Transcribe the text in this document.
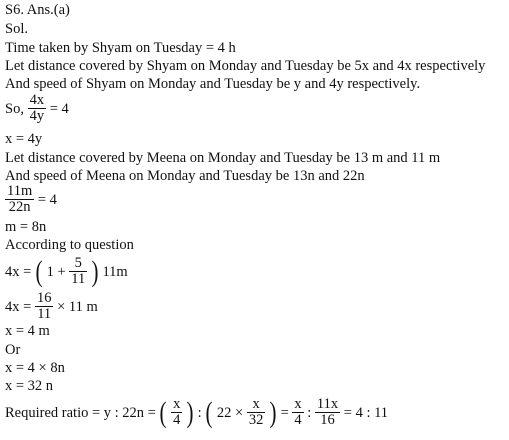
S6. Ans.(a)
Sol.
Time taken by Shyam on Tuesday = 4 h
Let distance covered by Shyam on Monday and Tuesday be 5x and 4x respectively
And speed of Shyam on Monday and Tuesday be y and 4y respectively.
So, $\frac{4x}{4y} = 4$
x = 4y
Let distance covered by Meena on Monday and Tuesday be 13 m and 11 m
And speed of Meena on Monday and Tuesday be 13n and 22n
$\frac{11m}{22n} = 4$
m = 8n
According to question
4x = ( $1 + \frac{5}{11}$ ) 11m
$4x = \frac{16}{11} \times 11$ m
x = 4 m
Or
x = 4 × 8n
x = 32 n
Required ratio = y : 22n = ( $\frac{x}{4}$ ) : ( $22 \times \frac{x}{32}$ ) = $\frac{x}{4}$ : $\frac{11x}{16} = 4$ : 11
